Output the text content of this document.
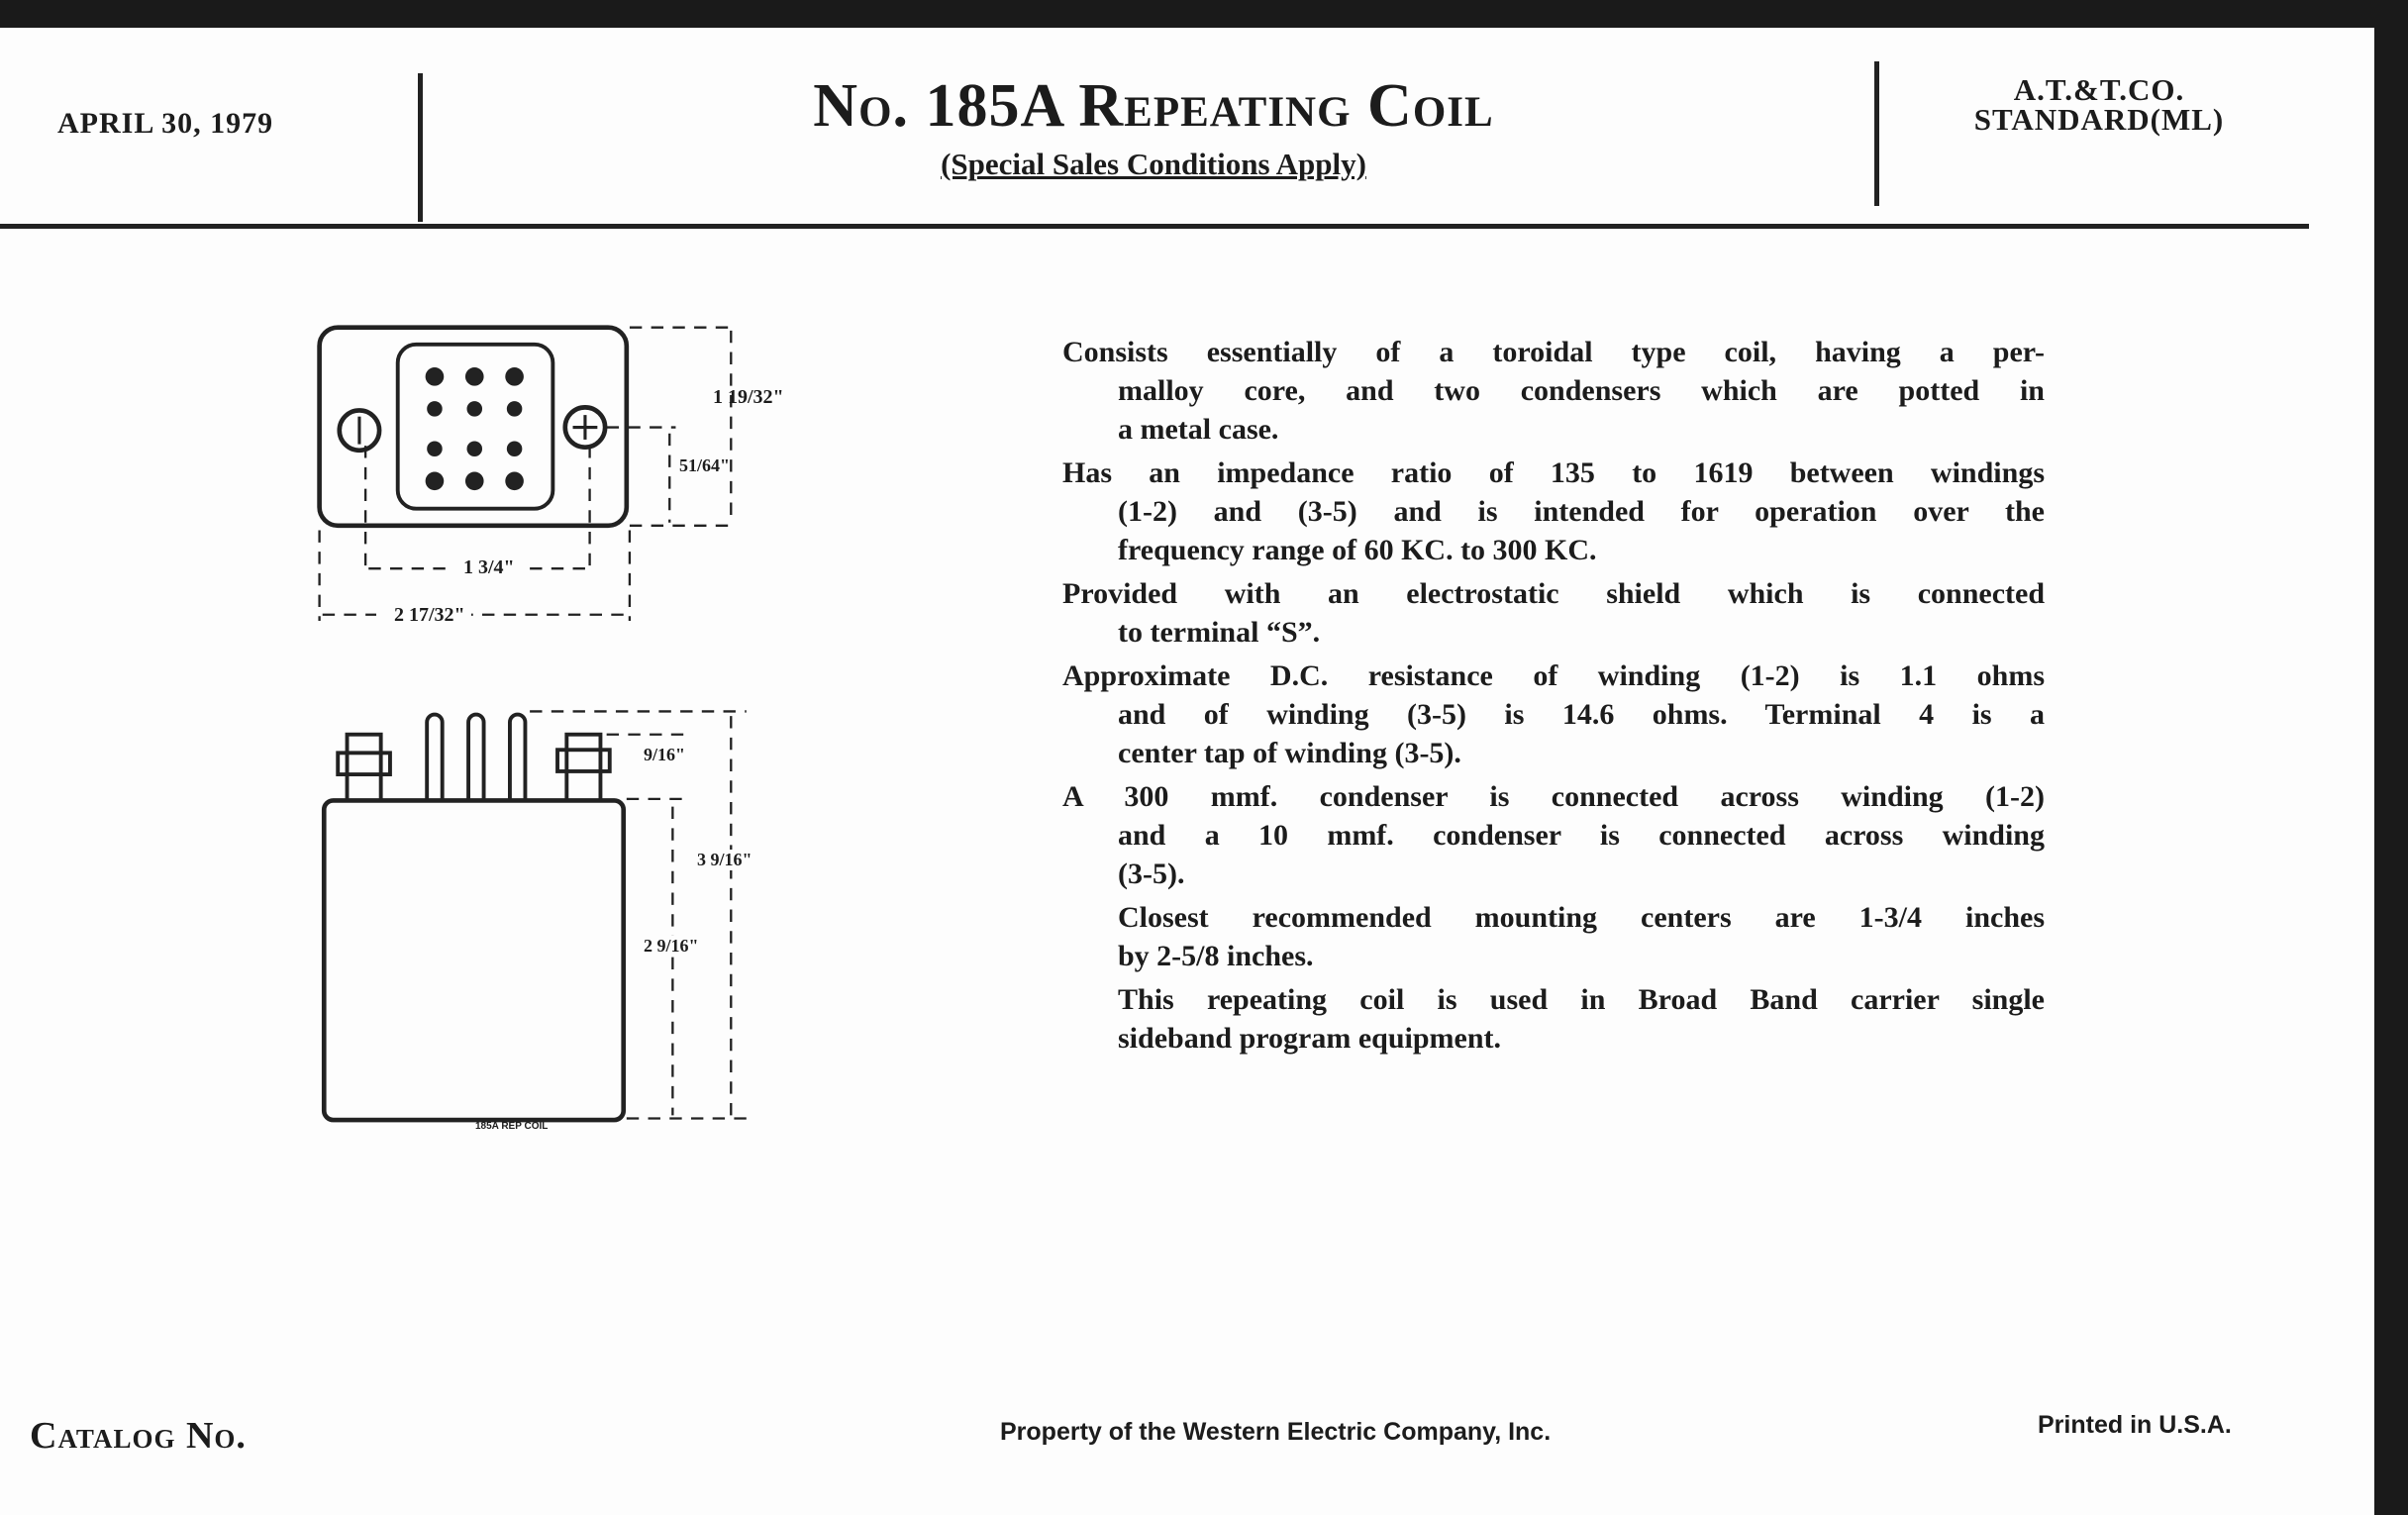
APRIL 30, 1979	No. 185A Repeating Coil
(Special Sales Conditions Apply)
A.T.&T.CO.
STANDARD(ML)
1 19/32"
51/64"
1 3/4"
2 17/32"
9/16"
2 9/16"
3 9/16"
185A REP COIL
Consists essentially of a toroidal type coil, having a per-
malloy core, and two condensers which are potted in
a metal case.
Has an impedance ratio of 135 to 1619 between windings
(1-2) and (3-5) and is intended for operation over the
frequency range of 60 KC. to 300 KC.
Provided with an electrostatic shield which is connected
to terminal “S”.
Approximate D.C. resistance of winding (1-2) is 1.1 ohms
and of winding (3-5) is 14.6 ohms. Terminal 4 is a
center tap of winding (3-5).
A 300 mmf. condenser is connected across winding (1-2)
and a 10 mmf. condenser is connected across winding
(3-5).
Closest recommended mounting centers are 1-3/4 inches
by 2-5/8 inches.
This repeating coil is used in Broad Band carrier single
sideband program equipment.
Catalog No.	Property of the Western Electric Company, Inc.	Printed in U.S.A.
